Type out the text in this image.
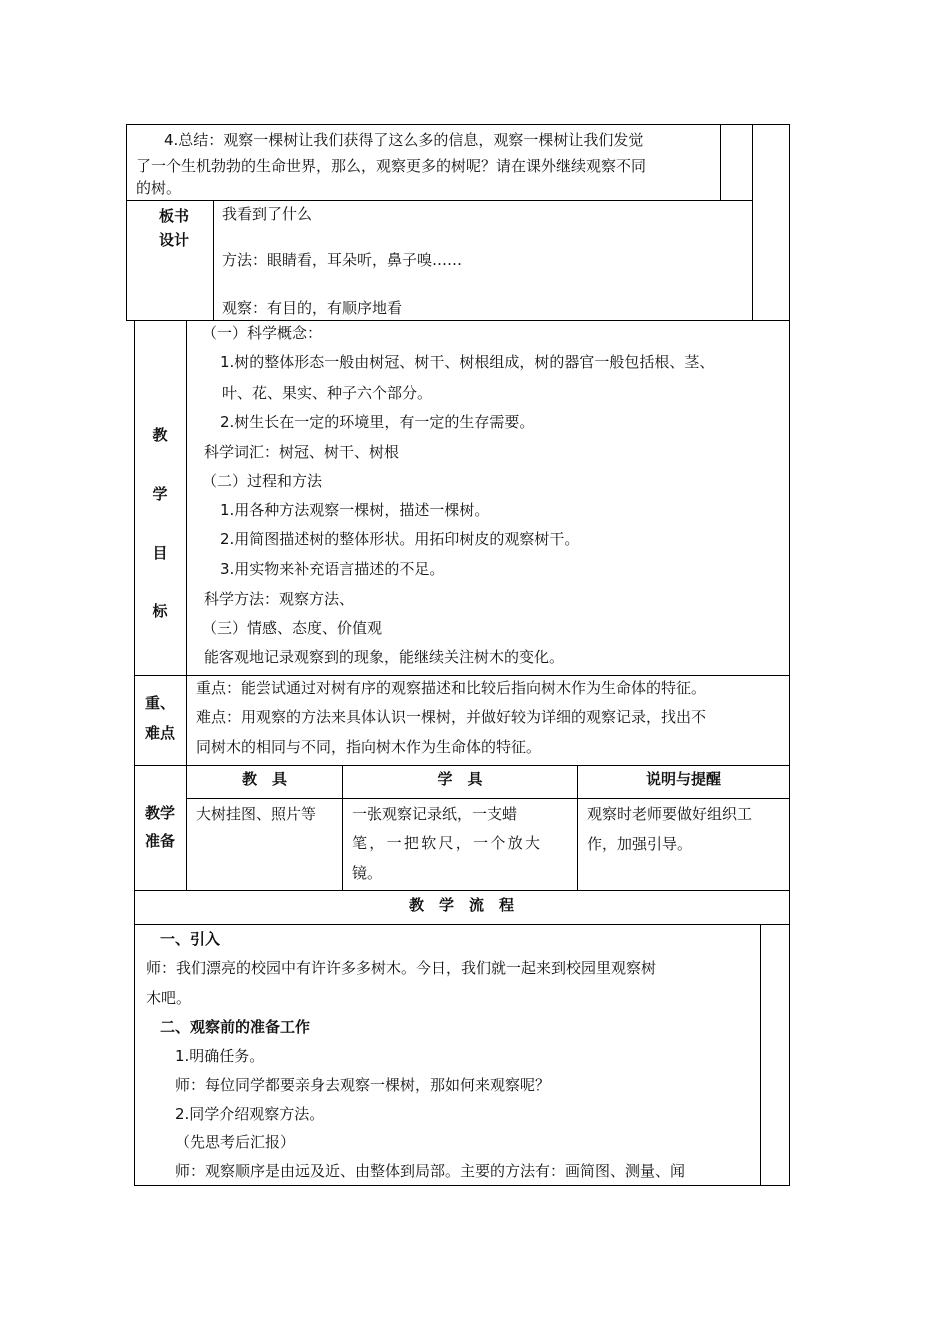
4.总结：观察一棵树让我们获得了这么多的信息，观察一棵树让我们发觉
了一个生机勃勃的生命世界，那么，观察更多的树呢？请在课外继续观察不同
的树。
板书
设计
我看到了什么
方法：眼睛看，耳朵听，鼻子嗅……
观察：有目的，有顺序地看
教
学
目
标
（一）科学概念：
1.树的整体形态一般由树冠、树干、树根组成，树的器官一般包括根、茎、
叶、花、果实、种子六个部分。
2.树生长在一定的环境里，有一定的生存需要。
科学词汇：树冠、树干、树根
（二）过程和方法
1.用各种方法观察一棵树，描述一棵树。
2.用简图描述树的整体形状。用拓印树皮的观察树干。
3.用实物来补充语言描述的不足。
科学方法：观察方法、
（三）情感、态度、价值观
能客观地记录观察到的现象，能继续关注树木的变化。
重、
难点
重点：能尝试通过对树有序的观察描述和比较后指向树木作为生命体的特征。
难点：用观察的方法来具体认识一棵树，并做好较为详细的观察记录，找出不
同树木的相同与不同，指向树木作为生命体的特征。
教学
准备
教　具	学　具	说明与提醒
大树挂图、照片等 一张观察记录纸，一支蜡
笔，一把软尺，一个放大
镜。
观察时老师要做好组织工
作，加强引导。
教　学　流　程
一、引入
师：我们漂亮的校园中有许许多多树木。今日，我们就一起来到校园里观察树
木吧。
二、观察前的准备工作
1.明确任务。
师：每位同学都要亲身去观察一棵树，那如何来观察呢？
2.同学介绍观察方法。
（先思考后汇报）
师：观察顺序是由远及近、由整体到局部。主要的方法有：画简图、测量、闻
